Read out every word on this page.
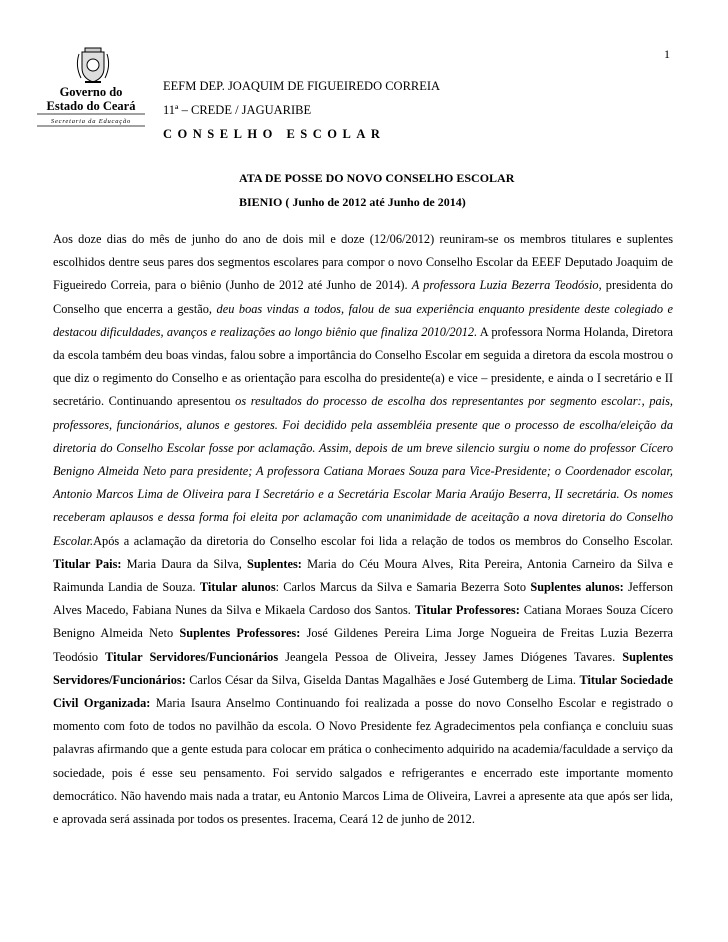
1
Governo do
Estado do Ceará
Secretaria da Educação
EEFM DEP. JOAQUIM DE FIGUEIREDO CORREIA
11ª – CREDE / JAGUARIBE
CONSELHO ESCOLAR
ATA DE POSSE DO NOVO CONSELHO ESCOLAR
BIENIO ( Junho de 2012 até Junho de 2014)
Aos doze dias do mês de junho do ano de dois mil e doze (12/06/2012) reuniram-se os membros titulares e suplentes escolhidos dentre seus pares dos segmentos escolares para compor o novo Conselho Escolar da EEEF Deputado Joaquim de Figueiredo Correia, para o biênio (Junho de 2012 até Junho de 2014). A professora Luzia Bezerra Teodósio, presidenta do Conselho que encerra a gestão, deu boas vindas a todos, falou de sua experiência enquanto presidente deste colegiado e destacou dificuldades, avanços e realizações ao longo biênio que finaliza 2010/2012. A professora Norma Holanda, Diretora da escola também deu boas vindas, falou sobre a importância do Conselho Escolar em seguida a diretora da escola mostrou o que diz o regimento do Conselho e as orientação para escolha do presidente(a) e vice – presidente, e ainda o I secretário e II secretário. Continuando apresentou os resultados do processo de escolha dos representantes por segmento escolar:, pais, professores, funcionários, alunos e gestores. Foi decidido pela assembléia presente que o processo de escolha/eleição da diretoria do Conselho Escolar fosse por aclamação. Assim, depois de um breve silencio surgiu o nome do professor Cícero Benigno Almeida Neto para presidente; A professora Catiana Moraes Souza para Vice-Presidente; o Coordenador escolar, Antonio Marcos Lima de Oliveira para I Secretário e a Secretária Escolar Maria Araújo Beserra, II secretária. Os nomes receberam aplausos e dessa forma foi eleita por aclamação com unanimidade de aceitação a nova diretoria do Conselho Escolar.Após a aclamação da diretoria do Conselho escolar foi lida a relação de todos os membros do Conselho Escolar. Titular Pais: Maria Daura da Silva, Suplentes: Maria do Céu Moura Alves, Rita Pereira, Antonia Carneiro da Silva e Raimunda Landia de Souza. Titular alunos: Carlos Marcus da Silva e Samaria Bezerra Soto Suplentes alunos: Jefferson Alves Macedo, Fabiana Nunes da Silva e Mikaela Cardoso dos Santos. Titular Professores: Catiana Moraes Souza Cícero Benigno Almeida Neto Suplentes Professores: José Gildenes Pereira Lima Jorge Nogueira de Freitas Luzia Bezerra Teodósio Titular Servidores/Funcionários Jeangela Pessoa de Oliveira, Jessey James Diógenes Tavares. Suplentes Servidores/Funcionários: Carlos César da Silva, Giselda Dantas Magalhães e José Gutemberg de Lima. Titular Sociedade Civil Organizada: Maria Isaura Anselmo Continuando foi realizada a posse do novo Conselho Escolar e registrado o momento com foto de todos no pavilhão da escola. O Novo Presidente fez Agradecimentos pela confiança e concluiu suas palavras afirmando que a gente estuda para colocar em prática o conhecimento adquirido na academia/faculdade a serviço da sociedade, pois é esse seu pensamento. Foi servido salgados e refrigerantes e encerrado este importante momento democrático. Não havendo mais nada a tratar, eu Antonio Marcos Lima de Oliveira, Lavrei a apresente ata que após ser lida, e aprovada será assinada por todos os presentes. Iracema, Ceará 12 de junho de 2012.
